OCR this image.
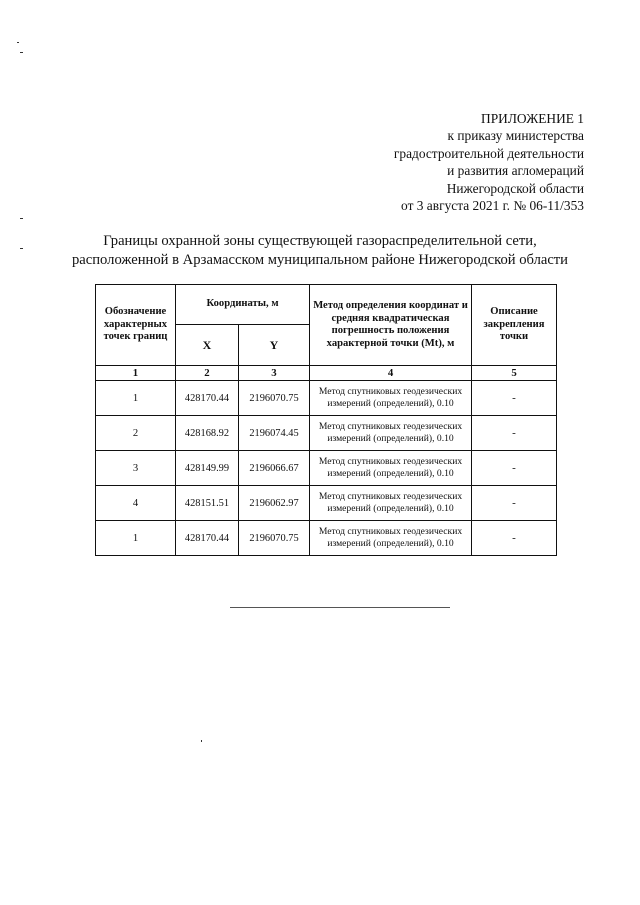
ПРИЛОЖЕНИЕ 1
к приказу министерства
градостроительной деятельности
и развития агломераций
Нижегородской области
от 3 августа 2021 г. № 06-11/353
Границы охранной зоны существующей газораспределительной сети,
расположенной в Арзамасском муниципальном районе Нижегородской области
Обозначение характерных точек границ	Координаты, м		Метод определения координат и средняя квадратическая погрешность положения характерной точки (Mt), м	Описание закрепления точки
	X	Y		
1	2	3	4	5
1	428170.44	2196070.75	Метод спутниковых геодезических измерений (определений), 0.10	-
2	428168.92	2196074.45	Метод спутниковых геодезических измерений (определений), 0.10	-
3	428149.99	2196066.67	Метод спутниковых геодезических измерений (определений), 0.10	-
4	428151.51	2196062.97	Метод спутниковых геодезических измерений (определений), 0.10	-
1	428170.44	2196070.75	Метод спутниковых геодезических измерений (определений), 0.10	-
